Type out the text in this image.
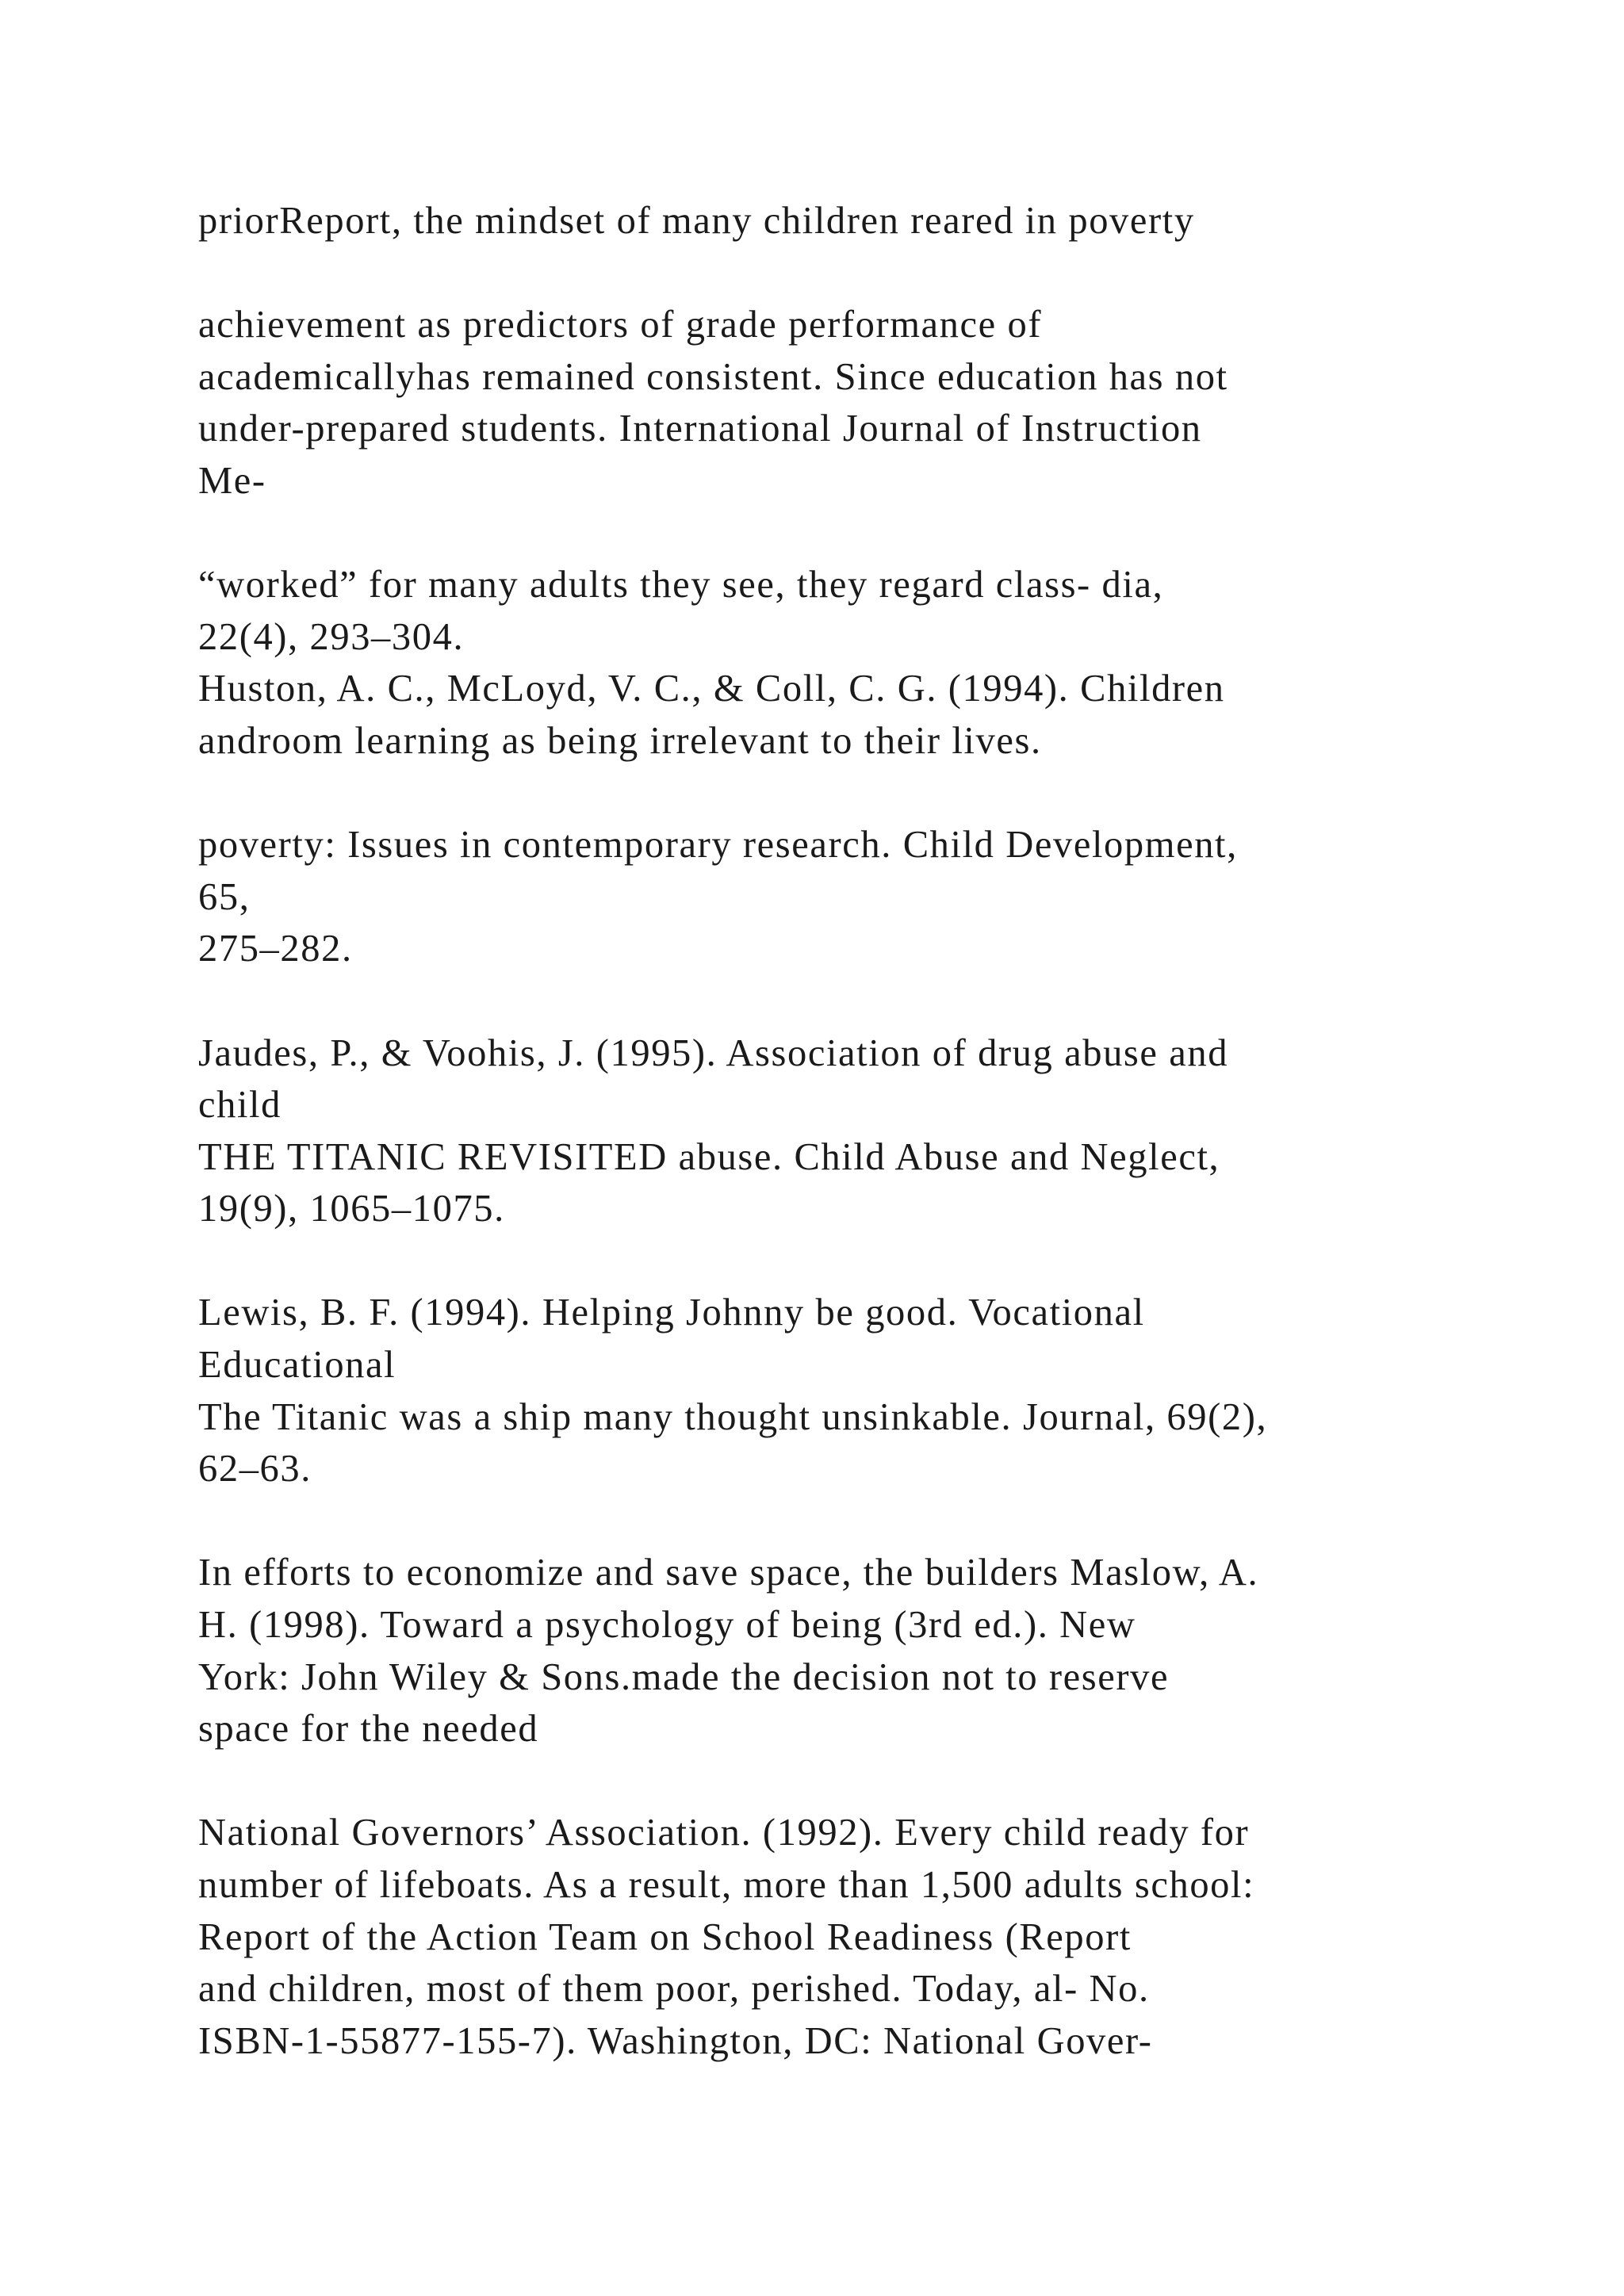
priorReport, the mindset of many children reared in poverty
achievement as predictors of grade performance of
academicallyhas remained consistent. Since education has not
under-prepared students. International Journal of Instruction
Me-
“worked” for many adults they see, they regard class- dia,
22(4), 293–304.
Huston, A. C., McLoyd, V. C., & Coll, C. G. (1994). Children
androom learning as being irrelevant to their lives.
poverty: Issues in contemporary research. Child Development,
65,
275–282.
Jaudes, P., & Voohis, J. (1995). Association of drug abuse and
child
THE TITANIC REVISITED abuse. Child Abuse and Neglect,
19(9), 1065–1075.
Lewis, B. F. (1994). Helping Johnny be good. Vocational
Educational
The Titanic was a ship many thought unsinkable. Journal, 69(2),
62–63.
In efforts to economize and save space, the builders Maslow, A.
H. (1998). Toward a psychology of being (3rd ed.). New
York: John Wiley & Sons.made the decision not to reserve
space for the needed
National Governors’ Association. (1992). Every child ready for
number of lifeboats. As a result, more than 1,500 adults school:
Report of the Action Team on School Readiness (Report
and children, most of them poor, perished. Today, al- No.
ISBN-1-55877-155-7). Washington, DC: National Gover-
